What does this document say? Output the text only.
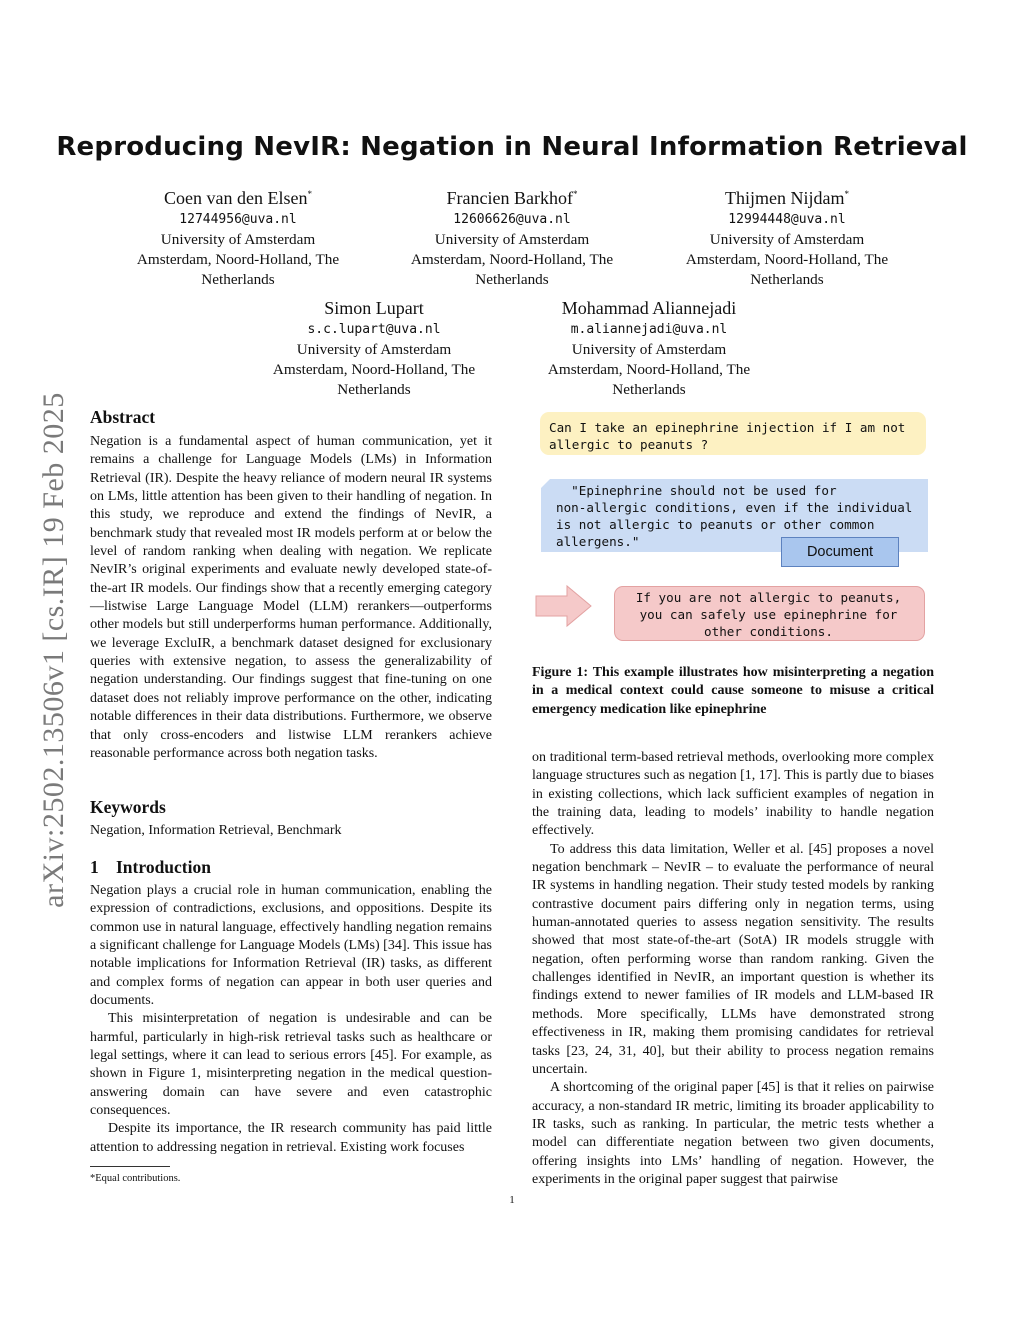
arXiv:2502.13506v1 [cs.IR] 19 Feb 2025
Reproducing NevIR: Negation in Neural Information Retrieval
Coen van den Elsen*
12744956@uva.nl
University of Amsterdam
Amsterdam, Noord-Holland, The
Netherlands
Francien Barkhof*
12606626@uva.nl
University of Amsterdam
Amsterdam, Noord-Holland, The
Netherlands
Thijmen Nijdam*
12994448@uva.nl
University of Amsterdam
Amsterdam, Noord-Holland, The
Netherlands
Simon Lupart
s.c.lupart@uva.nl
University of Amsterdam
Amsterdam, Noord-Holland, The
Netherlands
Mohammad Aliannejadi
m.aliannejadi@uva.nl
University of Amsterdam
Amsterdam, Noord-Holland, The
Netherlands
Abstract

Negation is a fundamental aspect of human communication, yet it remains a challenge for Language Models (LMs) in Information Retrieval (IR). Despite the heavy reliance of modern neural IR systems on LMs, little attention has been given to their handling of negation. In this study, we reproduce and extend the findings of NevIR, a benchmark study that revealed most IR models perform at or below the level of random ranking when dealing with negation. We replicate NevIR’s original experiments and evaluate newly developed state-of-the-art IR models. Our findings show that a recently emerging category—listwise Large Language Model (LLM) rerankers—outperforms other models but still underperforms human performance. Additionally, we leverage ExcluIR, a benchmark dataset designed for exclusionary queries with extensive negation, to assess the generalizability of negation understanding. Our findings suggest that fine-tuning on one dataset does not reliably improve performance on the other, indicating notable differences in their data distributions. Furthermore, we observe that only cross-encoders and listwise LLM rerankers achieve reasonable performance across both negation tasks.

Keywords
Negation, Information Retrieval, Benchmark
1 Introduction

Negation plays a crucial role in human communication, enabling the expression of contradictions, exclusions, and oppositions. Despite its common use in natural language, effectively handling negation remains a significant challenge for Language Models (LMs) [34]. This issue has notable implications for Information Retrieval (IR) tasks, as different and complex forms of negation can appear in both user queries and documents.

This misinterpretation of negation is undesirable and can be harmful, particularly in high-risk retrieval tasks such as healthcare or legal settings, where it can lead to serious errors [45]. For example, as shown in Figure 1, misinterpreting negation in the medical question-answering domain can have severe and even catastrophic consequences.

Despite its importance, the IR research community has paid little attention to addressing negation in retrieval. Existing work focuses

*Equal contributions.
Can I take an epinephrine injection if I am not
allergic to peanuts ?
"Epinephrine should not be used for
non-allergic conditions, even if the individual
is not allergic to peanuts or other common
allergens."
Document
If you are not allergic to peanuts,
you can safely use epinephrine for
other conditions.
Figure 1: This example illustrates how misinterpreting a negation in a medical context could cause someone to misuse a critical emergency medication like epinephrine

on traditional term-based retrieval methods, overlooking more complex language structures such as negation [1, 17]. This is partly due to biases in existing collections, which lack sufficient examples of negation in the training data, leading to models’ inability to handle negation effectively.

To address this data limitation, Weller et al. [45] proposes a novel negation benchmark – NevIR – to evaluate the performance of neural IR systems in handling negation. Their study tested models by ranking contrastive document pairs differing only in negation terms, using human-annotated queries to assess negation sensitivity. The results showed that most state-of-the-art (SotA) IR models struggle with negation, often performing worse than random ranking. Given the challenges identified in NevIR, an important question is whether its findings extend to newer families of IR models and LLM-based IR methods. More specifically, LLMs have demonstrated strong effectiveness in IR, making them promising candidates for retrieval tasks [23, 24, 31, 40], but their ability to process negation remains uncertain.

A shortcoming of the original paper [45] is that it relies on pairwise accuracy, a non-standard IR metric, limiting its broader applicability to IR tasks, such as ranking. In particular, the metric tests whether a model can differentiate negation between two given documents, offering insights into LMs’ handling of negation. However, the experiments in the original paper suggest that pairwise

1
